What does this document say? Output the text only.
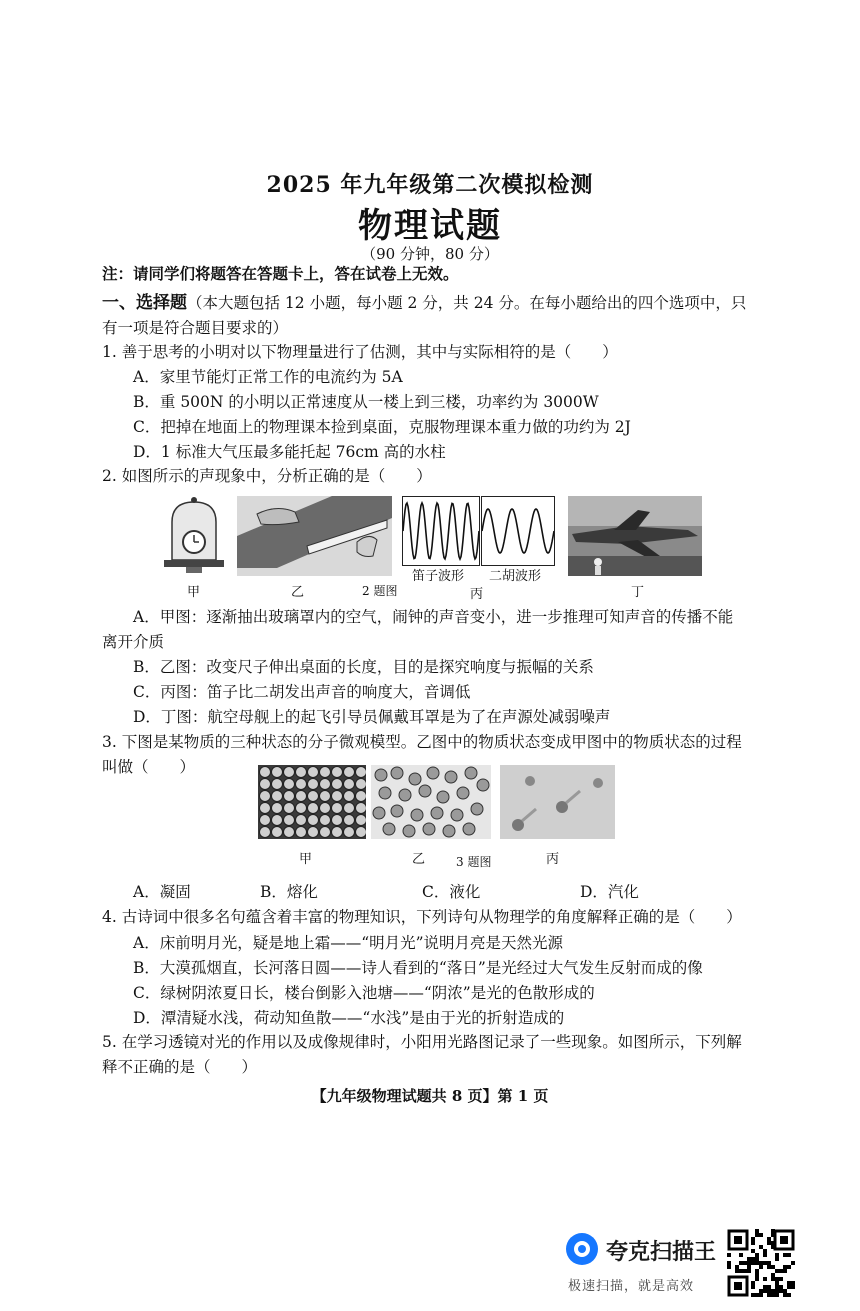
2025 年九年级第二次模拟检测
物理试题
（90 分钟，80 分）
注：请同学们将题答在答题卡上，答在试卷上无效。
一、选择题（本大题包括 12 小题，每小题 2 分，共 24 分。在每小题给出的四个选项中，只
有一项是符合题目要求的）
1. 善于思考的小明对以下物理量进行了估测，其中与实际相符的是（　　）
A．家里节能灯正常工作的电流约为 5A
B．重 500N 的小明以正常速度从一楼上到三楼，功率约为 3000W
C．把掉在地面上的物理课本捡到桌面，克服物理课本重力做的功约为 2J
D．1 标准大气压最多能托起 76cm 高的水柱
2. 如图所示的声现象中，分析正确的是（　　）
甲	乙	2 题图
笛子波形 二胡波形
丙	丁
A．甲图：逐渐抽出玻璃罩内的空气，闹钟的声音变小，进一步推理可知声音的传播不能
离开介质
B．乙图：改变尺子伸出桌面的长度，目的是探究响度与振幅的关系
C．丙图：笛子比二胡发出声音的响度大，音调低
D．丁图：航空母舰上的起飞引导员佩戴耳罩是为了在声源处减弱噪声
3. 下图是某物质的三种状态的分子微观模型。乙图中的物质状态变成甲图中的物质状态的过程
叫做（　　）
甲	乙	3 题图	丙
A．凝固	B．熔化	C．液化	D．汽化
4. 古诗词中很多名句蕴含着丰富的物理知识，下列诗句从物理学的角度解释正确的是（　　）
A．床前明月光，疑是地上霜——“明月光”说明月亮是天然光源
B．大漠孤烟直，长河落日圆——诗人看到的“落日”是光经过大气发生反射而成的像
C．绿树阴浓夏日长，楼台倒影入池塘——“阴浓”是光的色散形成的
D．潭清疑水浅，荷动知鱼散——“水浅”是由于光的折射造成的
5. 在学习透镜对光的作用以及成像规律时，小阳用光路图记录了一些现象。如图所示，下列解
释不正确的是（　　）
【九年级物理试题共 8 页】第 1 页
夸克扫描王
极速扫描，就是高效
